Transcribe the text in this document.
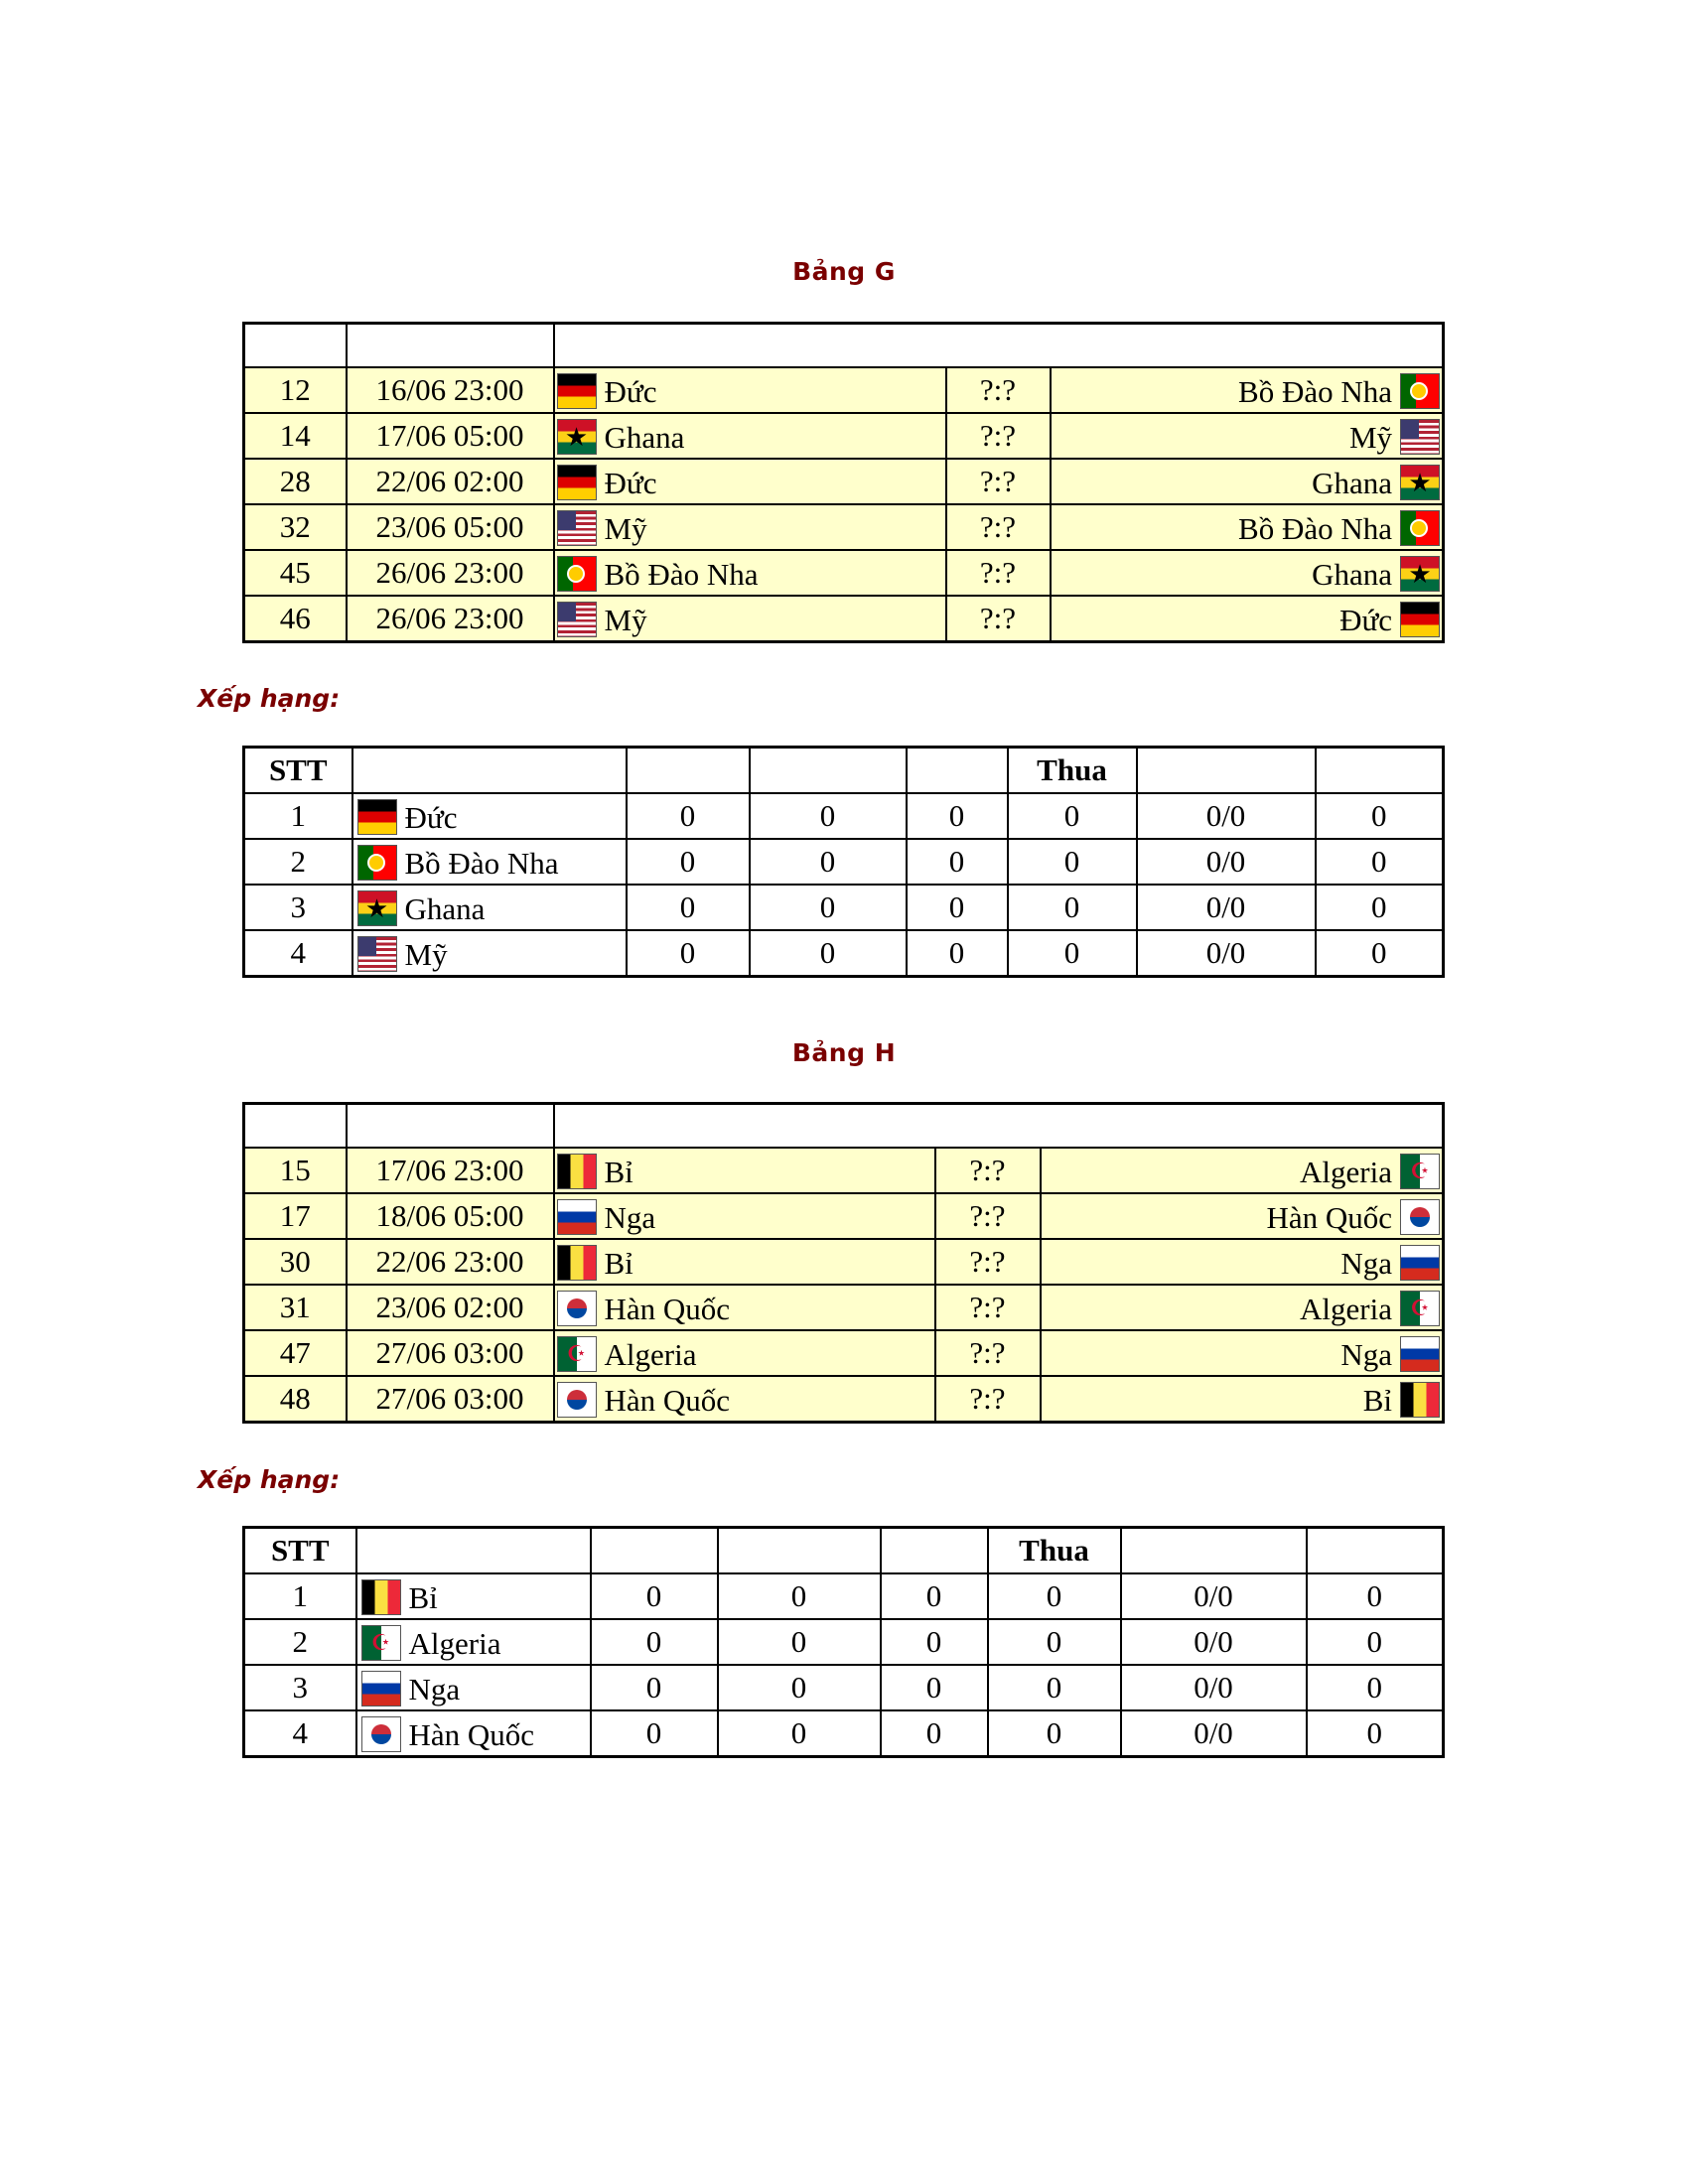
Bảng G

12	16/06 23:00	Đức	?:?	Bồ Đào Nha
14	17/06 05:00	★Ghana	?:?	Mỹ
28	22/06 02:00	Đức	?:?	Ghana★
32	23/06 05:00	Mỹ	?:?	Bồ Đào Nha
45	26/06 23:00	Bồ Đào Nha	?:?	Ghana★
46	26/06 23:00	Mỹ	?:?	Đức
Xếp hạng:
STT					Thua		
1	Đức	0	0	0	0	0/0	0
2	Bồ Đào Nha	0	0	0	0	0/0	0
3	★Ghana	0	0	0	0	0/0	0
4	Mỹ	0	0	0	0	0/0	0
Bảng H

15	17/06 23:00	Bỉ	?:?	Algeria☪
17	18/06 05:00	Nga	?:?	Hàn Quốc
30	22/06 23:00	Bỉ	?:?	Nga
31	23/06 02:00	Hàn Quốc	?:?	Algeria☪
47	27/06 03:00	☪Algeria	?:?	Nga
48	27/06 03:00	Hàn Quốc	?:?	Bỉ
Xếp hạng:
STT					Thua		
1	Bỉ	0	0	0	0	0/0	0
2	☪Algeria	0	0	0	0	0/0	0
3	Nga	0	0	0	0	0/0	0
4	Hàn Quốc	0	0	0	0	0/0	0
